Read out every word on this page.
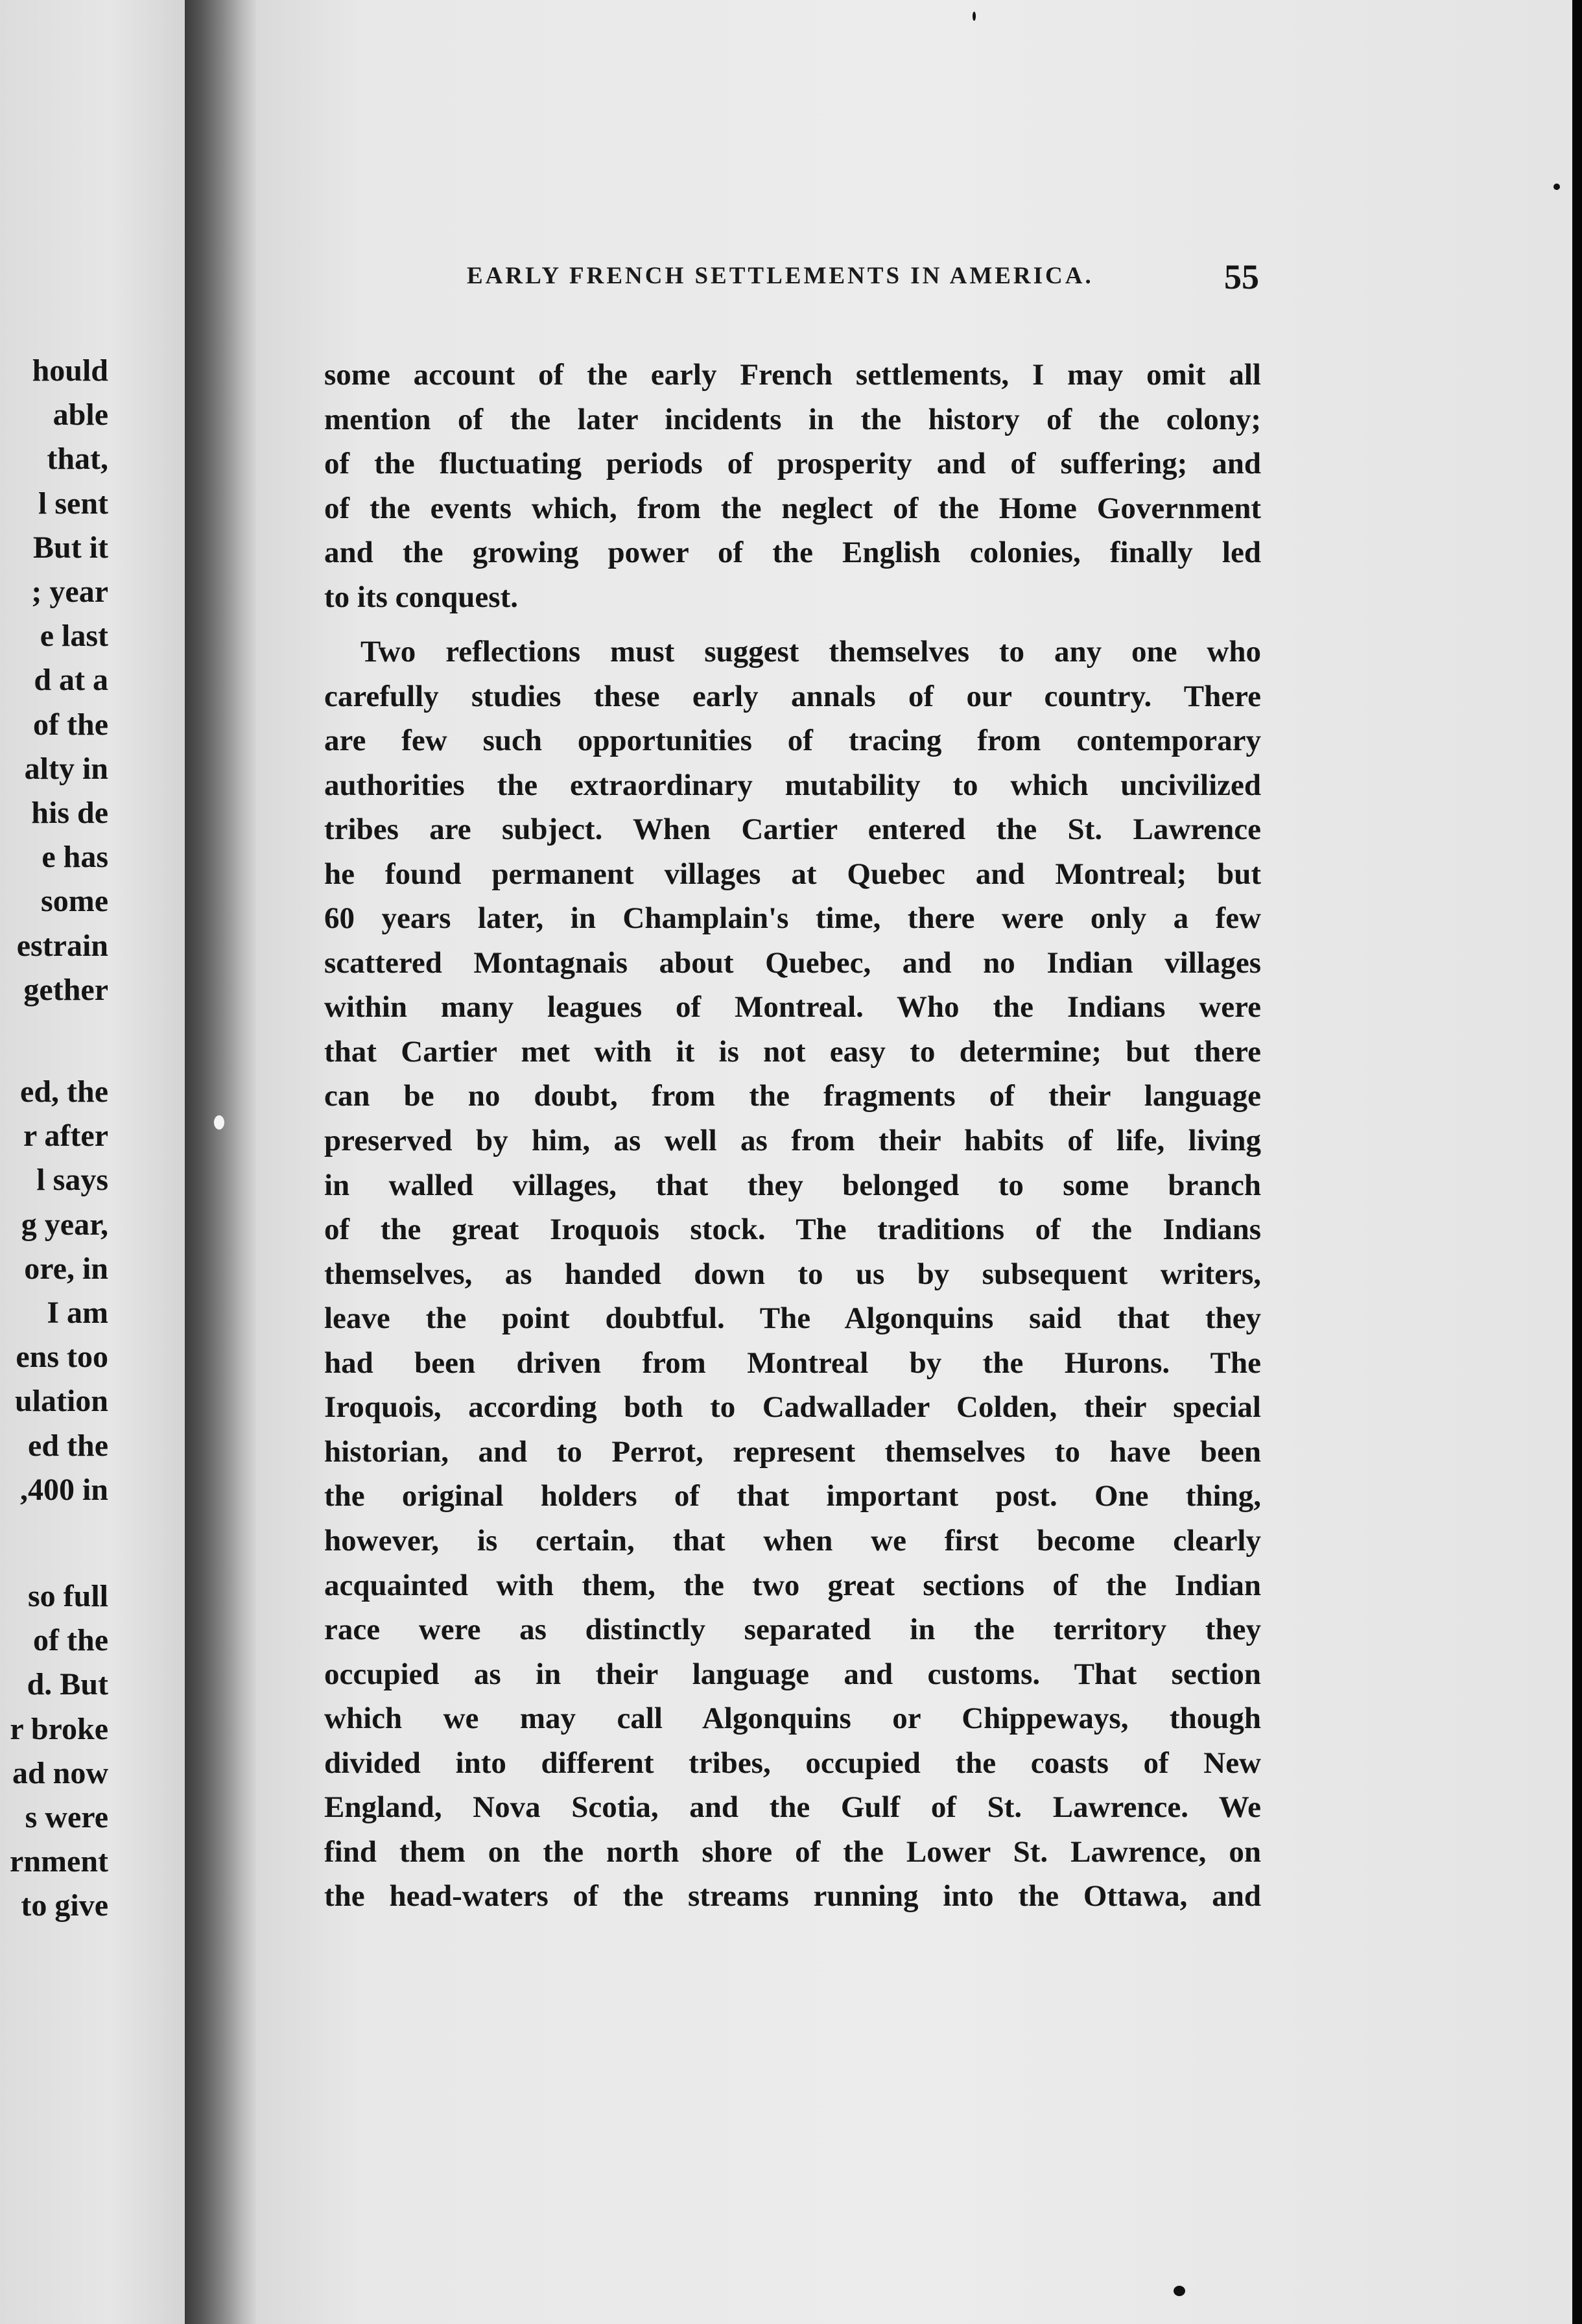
hould
able
that,
l sent
But it
; year
e last
d at a
of the
alty in
his de
e has
some
estrain
gether
ed, the
r after
l says
g year,
ore, in
I am
ens too
ulation
ed the
,400 in
so full
of the
d. But
r broke
ad now
s were
rnment
to give
EARLY FRENCH SETTLEMENTS IN AMERICA.	55
some account of the early French settlements, I may omit all
mention of the later incidents in the history of the colony;
of the fluctuating periods of prosperity and of suffering; and
of the events which, from the neglect of the Home Government
and the growing power of the English colonies, finally led
to its conquest.
Two reflections must suggest themselves to any one who
carefully studies these early annals of our country. There
are few such opportunities of tracing from contemporary
authorities the extraordinary mutability to which uncivilized
tribes are subject. When Cartier entered the St. Lawrence
he found permanent villages at Quebec and Montreal; but
60 years later, in Champlain's time, there were only a few
scattered Montagnais about Quebec, and no Indian villages
within many leagues of Montreal. Who the Indians were
that Cartier met with it is not easy to determine; but there
can be no doubt, from the fragments of their language
preserved by him, as well as from their habits of life, living
in walled villages, that they belonged to some branch
of the great Iroquois stock. The traditions of the Indians
themselves, as handed down to us by subsequent writers,
leave the point doubtful. The Algonquins said that they
had been driven from Montreal by the Hurons. The
Iroquois, according both to Cadwallader Colden, their special
historian, and to Perrot, represent themselves to have been
the original holders of that important post. One thing,
however, is certain, that when we first become clearly
acquainted with them, the two great sections of the Indian
race were as distinctly separated in the territory they
occupied as in their language and customs. That section
which we may call Algonquins or Chippeways, though
divided into different tribes, occupied the coasts of New
England, Nova Scotia, and the Gulf of St. Lawrence. We
find them on the north shore of the Lower St. Lawrence, on
the head-waters of the streams running into the Ottawa, and
